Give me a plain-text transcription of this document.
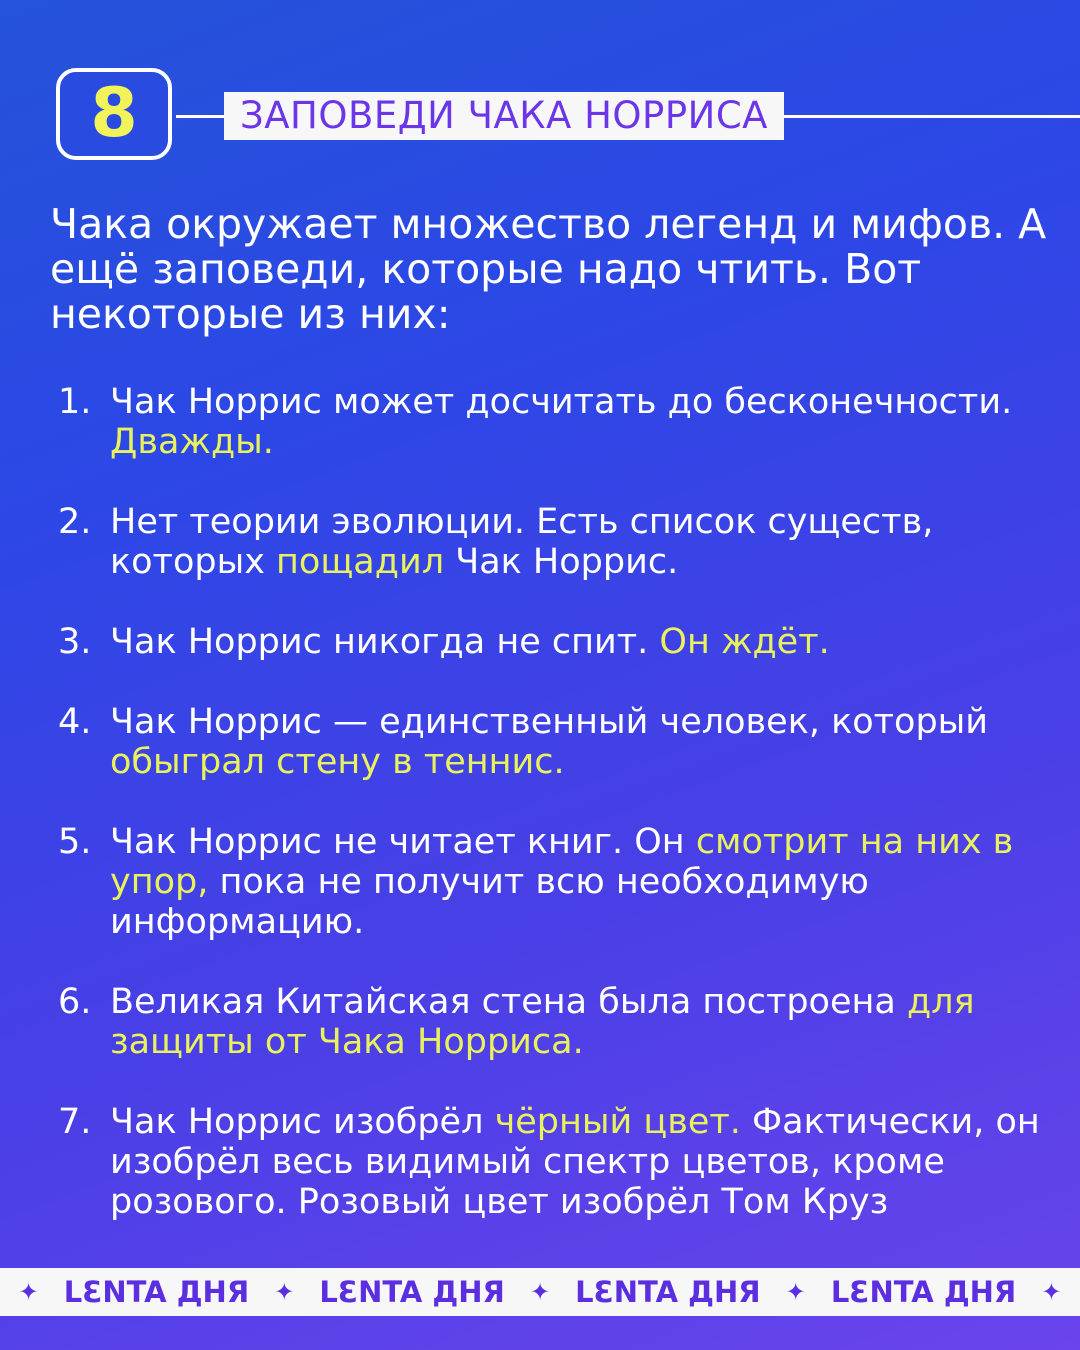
8	ЗАПОВЕДИ ЧАКА НОРРИСА

Чака окружает множество легенд и мифов. А ещё заповеди, которые надо чтить. Вот некоторые из них:

1. Чак Норрис может досчитать до бесконечности. Дважды.
2. Нет теории эволюции. Есть список существ, которых пощадил Чак Норрис.
3. Чак Норрис никогда не спит. Он ждёт.
4. Чак Норрис — единственный человек, который обыграл стену в теннис.
5. Чак Норрис не читает книг. Он смотрит на них в упор, пока не получит всю необходимую информацию.
6. Великая Китайская стена была построена для защиты от Чака Норриса.
7. Чак Норрис изобрёл чёрный цвет. Фактически, он изобрёл весь видимый спектр цветов, кроме розового. Розовый цвет изобрёл Том Круз
✦ LƐNTA ДНЯ ✦ LƐNTA ДНЯ ✦ LƐNTA ДНЯ ✦ LƐNTA ДНЯ ✦
